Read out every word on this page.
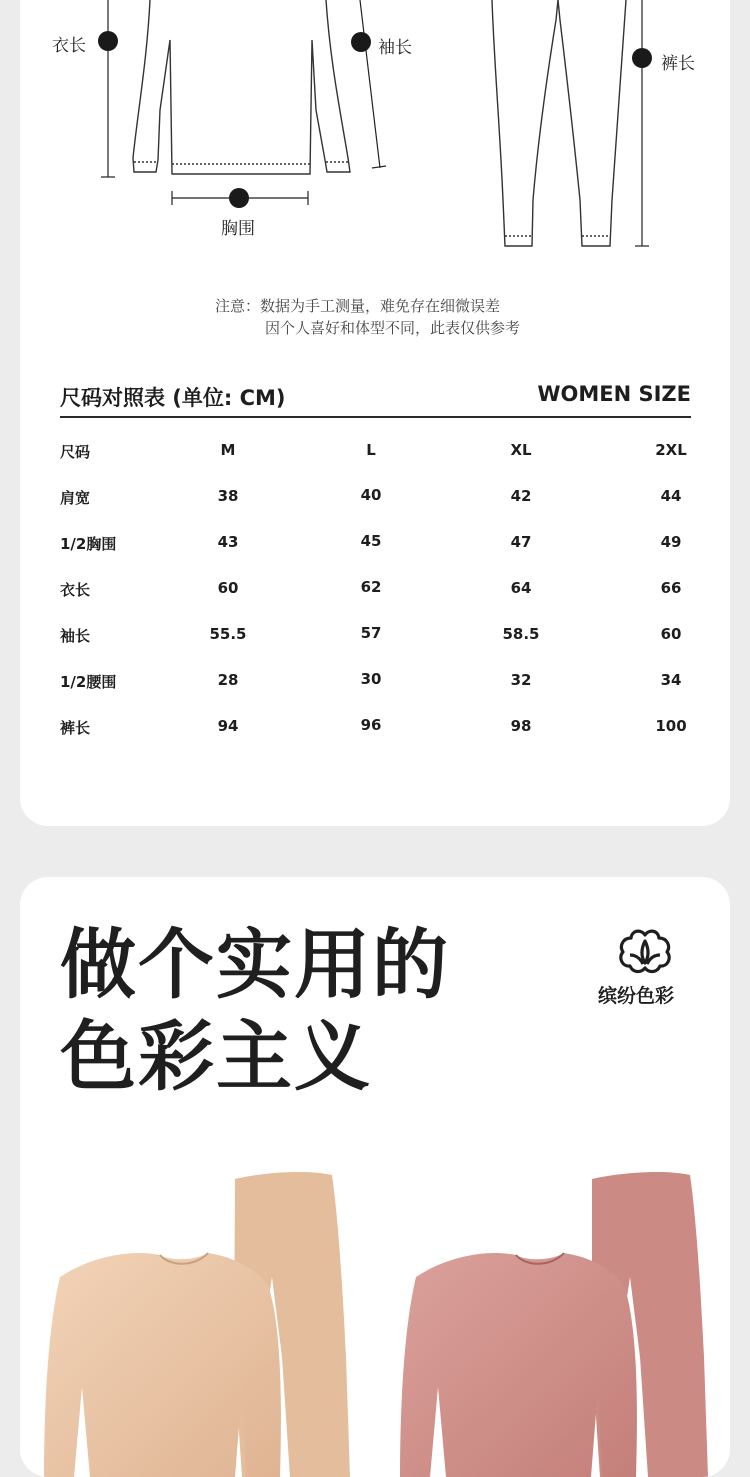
衣长	袖长
胸围
裤长
注意：数据为手工测量，难免存在细微误差
因个人喜好和体型不同，此表仅供参考
尺码对照表 (单位: CM)	WOMEN SIZE
尺码	M	L	XL	2XL
肩宽	38	40	42	44
1/2胸围	43	45	47	49
衣长	60	62	64	66
袖长	55.5	57	58.5	60
1/2腰围	28	30	32	34
裤长	94	96	98	100
做个实用的
色彩主义
缤纷色彩
